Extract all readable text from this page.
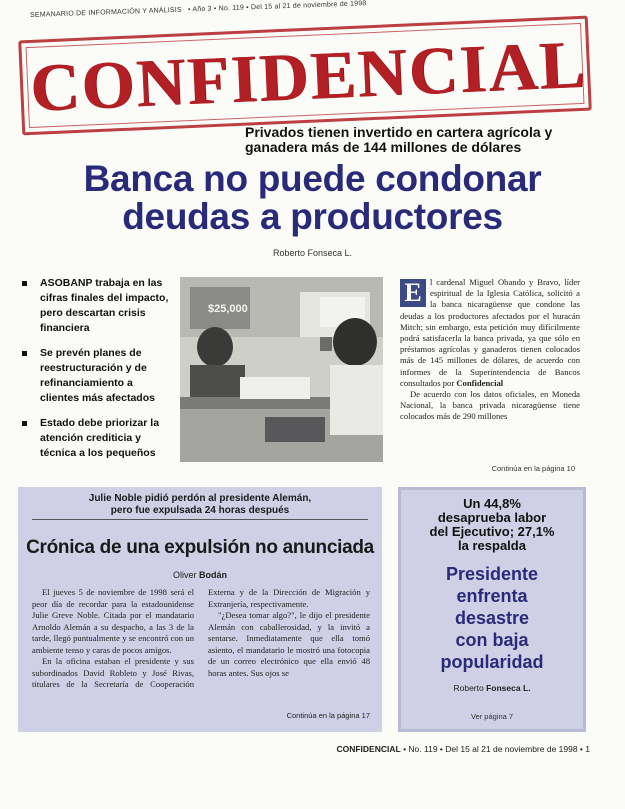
SEMANARIO DE INFORMACIÓN Y ANÁLISIS • Año 3 • No. 119 • Del 15 al 21 de noviembre de 1998
CONFIDENCIAL
Privados tienen invertido en cartera agrícola y ganadera más de 144 millones de dólares
Banca no puede condonar
deudas a productores
Roberto Fonseca L.
ASOBANP trabaja en las cifras finales del impacto, pero descartan crisis financiera
Se prevén planes de reestructuración y de refinanciamiento a clientes más afectados
Estado debe priorizar la atención crediticia y técnica a los pequeños
$25,000
E l cardenal Miguel Obando y Bravo, líder espiritual de la Iglesia Católica, solicitó a la banca nicaragüense que condone las deudas a los productores afectados por el huracán Mitch; sin embargo, esta petición muy difícilmente podrá satisfacerla la banca privada, ya que sólo en préstamos agrícolas y ganaderos tienen colocados más de 145 millones de dólares, de acuerdo con informes de la Superintendencia de Bancos consultados por Confidencial

De acuerdo con los datos oficiales, en Moneda Nacional, la banca privada nicaragüense tiene colocados más de 290 millones

Continúa en la página 10
Julie Noble pidió perdón al presidente Alemán,
pero fue expulsada 24 horas después
Crónica de una expulsión no anunciada
Oliver Bodán

El jueves 5 de noviembre de 1998 será el peor día de recordar para la estadounidense Julie Greve Noble. Citada por el mandatario Arnoldo Alemán a su despacho, a las 3 de la tarde, llegó puntualmente y se encontró con un ambiente tenso y caras de pocos amigos.

En la oficina estaban el presidente y sus subordinados David Robleto y José Rivas, titulares de la Secretaría de Cooperación Externa y de la Dirección de Migración y Extranjería, respectivamente.

"¿Desea tomar algo?", le dijo el presidente Alemán con caballerosidad, y la invitó a sentarse. Inmediatamente que ella tomó asiento, el mandatario le mostró una fotocopia de un correo electrónico que ella envió 48 horas antes. Sus ojos se

Continúa en la página 17
Un 44,8%
desaprueba labor
del Ejecutivo; 27,1%
la respalda
Presidente
enfrenta
desastre
con baja
popularidad
Roberto Fonseca L.
Ver página 7
CONFIDENCIAL • No. 119 • Del 15 al 21 de noviembre de 1998 • 1
